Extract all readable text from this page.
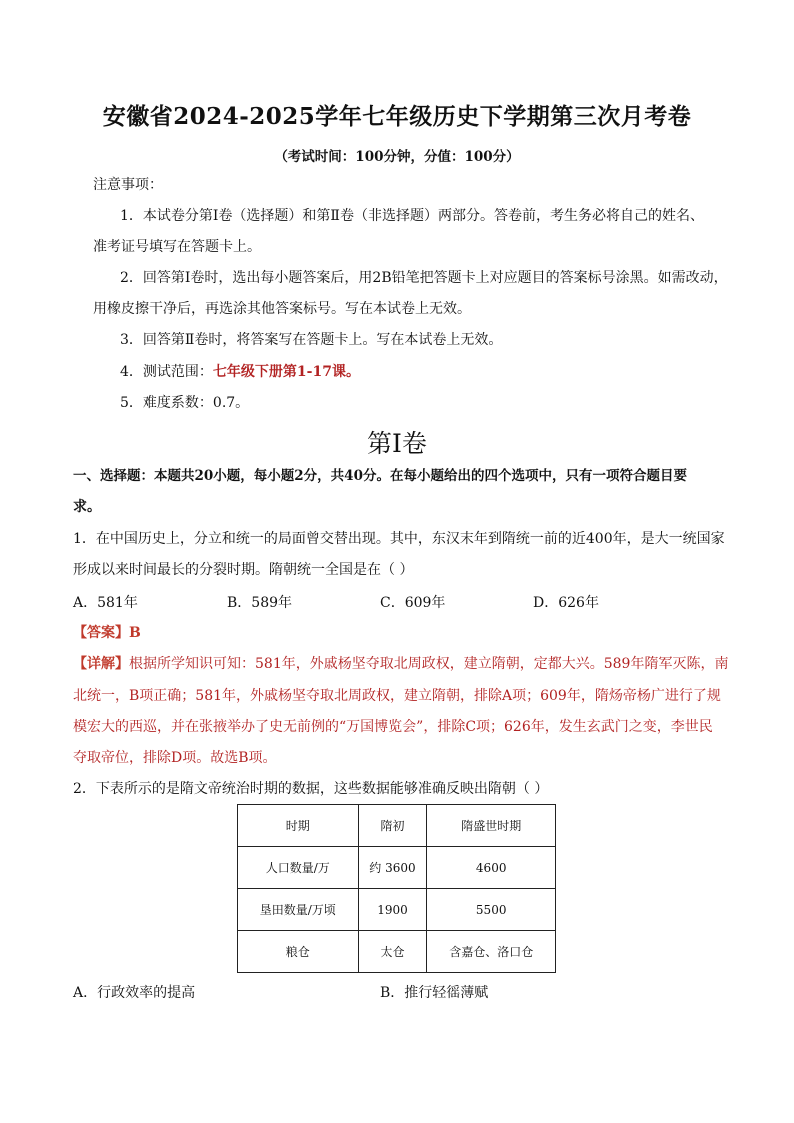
安徽省2024-2025学年七年级历史下学期第三次月考卷
（考试时间：100分钟，分值：100分）
注意事项：
1．本试卷分第Ⅰ卷（选择题）和第Ⅱ卷（非选择题）两部分。答卷前，考生务必将自己的姓名、
准考证号填写在答题卡上。
2．回答第Ⅰ卷时，选出每小题答案后，用2B铅笔把答题卡上对应题目的答案标号涂黑。如需改动，
用橡皮擦干净后，再选涂其他答案标号。写在本试卷上无效。
3．回答第Ⅱ卷时，将答案写在答题卡上。写在本试卷上无效。
4．测试范围：七年级下册第1-17课。
5．难度系数：0.7。
第Ⅰ卷
一、选择题：本题共20小题，每小题2分，共40分。在每小题给出的四个选项中，只有一项符合题目要
求。
1．在中国历史上，分立和统一的局面曾交替出现。其中，东汉末年到隋统一前的近400年，是大一统国家
形成以来时间最长的分裂时期。隋朝统一全国是在（ ）
A．581年	B．589年	C．609年	D．626年
【答案】B
【详解】根据所学知识可知：581年，外戚杨坚夺取北周政权，建立隋朝，定都大兴。589年隋军灭陈，南
北统一，B项正确；581年，外戚杨坚夺取北周政权，建立隋朝，排除A项；609年，隋炀帝杨广进行了规
模宏大的西巡，并在张掖举办了史无前例的“万国博览会”，排除C项；626年，发生玄武门之变，李世民
夺取帝位，排除D项。故选B项。
2．下表所示的是隋文帝统治时期的数据，这些数据能够准确反映出隋朝（ ）
时期	隋初	隋盛世时期
人口数量/万	约 3600	4600
垦田数量/万顷	1900	5500
粮仓	太仓	含嘉仓、洛口仓
A．行政效率的提高	B．推行轻徭薄赋
